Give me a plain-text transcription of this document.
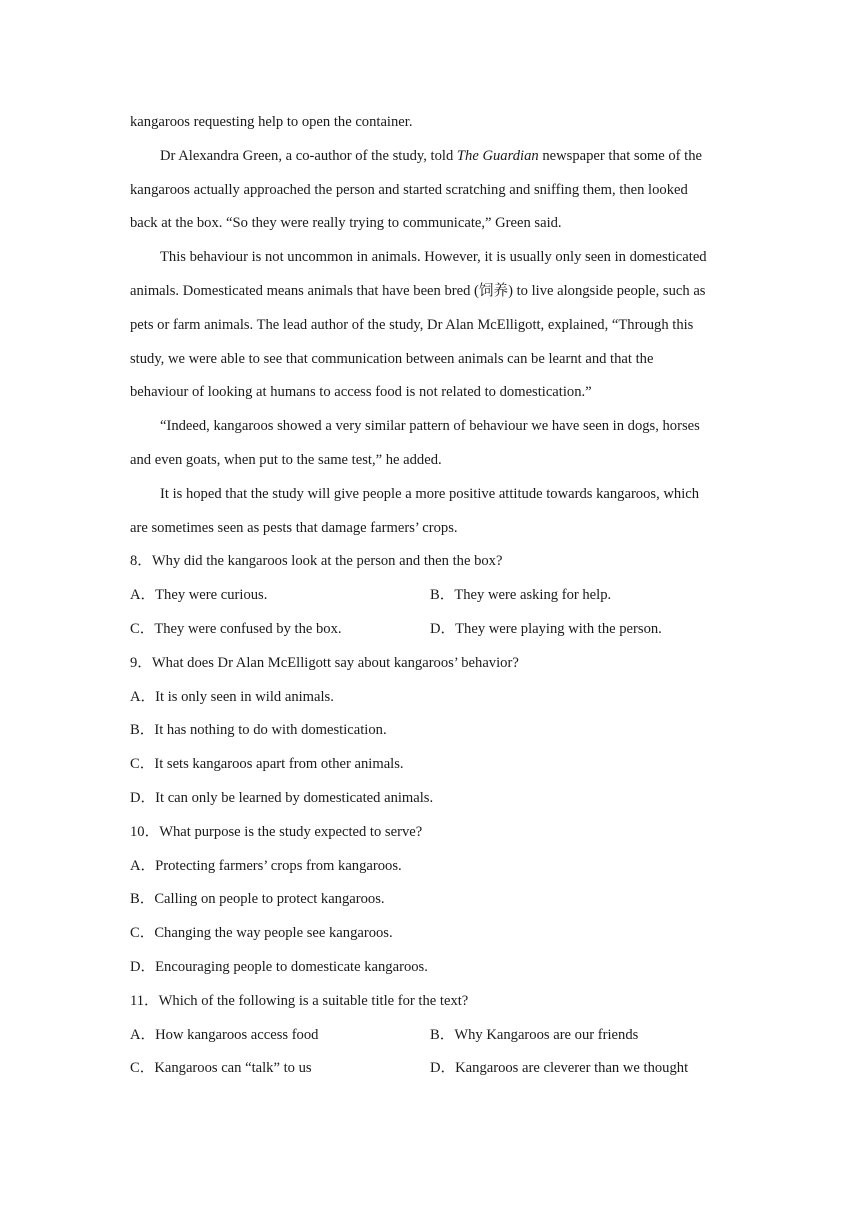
kangaroos requesting help to open the container.
Dr Alexandra Green, a co-author of the study, told The Guardian newspaper that some of the
kangaroos actually approached the person and started scratching and sniffing them, then looked
back at the box. “So they were really trying to communicate,” Green said.
This behaviour is not uncommon in animals. However, it is usually only seen in domesticated
animals. Domesticated means animals that have been bred (饲养) to live alongside people, such as
pets or farm animals. The lead author of the study, Dr Alan McElligott, explained, “Through this
study, we were able to see that communication between animals can be learnt and that the
behaviour of looking at humans to access food is not related to domestication.”
“Indeed, kangaroos showed a very similar pattern of behaviour we have seen in dogs, horses
and even goats, when put to the same test,” he added.
It is hoped that the study will give people a more positive attitude towards kangaroos, which
are sometimes seen as pests that damage farmers’ crops.
8．Why did the kangaroos look at the person and then the box?
A．They were curious.	B．They were asking for help.
C．They were confused by the box.	D．They were playing with the person.
9．What does Dr Alan McElligott say about kangaroos’ behavior?
A．It is only seen in wild animals.
B．It has nothing to do with domestication.
C．It sets kangaroos apart from other animals.
D．It can only be learned by domesticated animals.
10．What purpose is the study expected to serve?
A．Protecting farmers’ crops from kangaroos.
B．Calling on people to protect kangaroos.
C．Changing the way people see kangaroos.
D．Encouraging people to domesticate kangaroos.
11．Which of the following is a suitable title for the text?
A．How kangaroos access food	B．Why Kangaroos are our friends
C．Kangaroos can “talk” to us	D．Kangaroos are cleverer than we thought
